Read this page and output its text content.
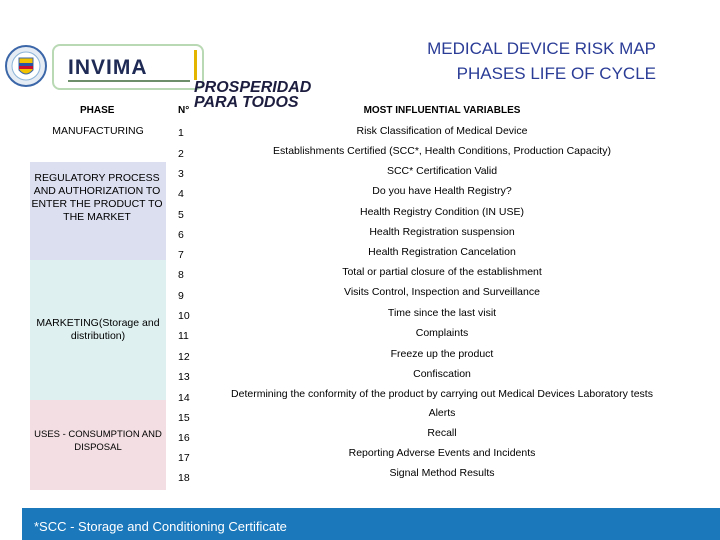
INVIMA
PROSPERIDAD
PARA TODOS
MEDICAL DEVICE RISK MAP
PHASES LIFE OF CYCLE
PHASE	N°	MOST INFLUENTIAL VARIABLES
MANUFACTURING
REGULATORY PROCESS AND AUTHORIZATION TO ENTER THE PRODUCT TO THE MARKET
MARKETING(Storage and distribution)
USES - CONSUMPTION AND DISPOSAL
1
2
3
4
5
6
7
8
9
10
11
12
13
14
15
16
17
18
Risk Classification of Medical Device
Establishments Certified (SCC*, Health Conditions, Production Capacity)
SCC* Certification Valid
Do you have Health Registry?
Health Registry Condition (IN USE)
Health Registration suspension
Health Registration Cancelation
Total or partial closure of the establishment
Visits Control, Inspection and Surveillance
Time since the last visit
Complaints
Freeze up the product
Confiscation
Determining the conformity of the product by carrying out Medical Devices Laboratory tests
Alerts
Recall
Reporting Adverse Events and Incidents
Signal Method Results
*SCC - Storage and Conditioning Certificate
